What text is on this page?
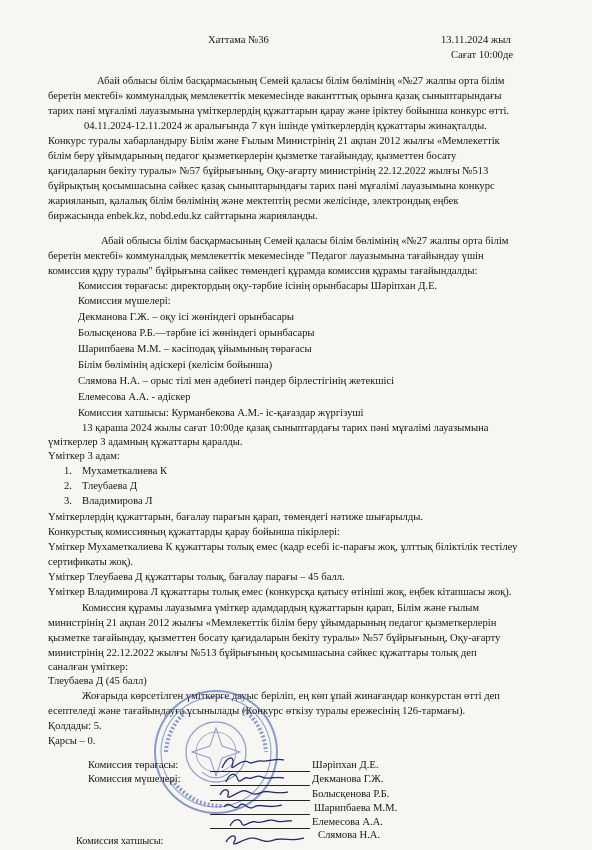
Хаттама №36	13.11.2024 жыл
Сағат 10:00де
Абай облысы білім басқармасының Семей қаласы білім бөлімінің «№27 жалпы орта білім
беретін мектебі» коммуналдық мемлекеттік мекемесінде вакантттық орынға қазақ сыныптарындағы
тарих пәні мұғалімі лауазымына үміткерлердің құжаттарын қарау және іріктеу бойынша конкурс өтті.
04.11.2024-12.11.2024 ж аралығында 7 күн ішінде үміткерлердің құжаттары жинақталды.
Конкурс туралы хабарландыру Білім және Ғылым Министрінің 21 ақпан 2012 жылғы «Мемлекеттік
білім беру ұйымдарының педагог қызметкерлерін қызметке тағайындау, қызметтен босату
қағидаларын бекіту туралы» №57 бұйрығының, Оқу-ағарту министрінің 22.12.2022 жылғы №513
бұйрықтың қосымшасына сәйкес қазақ сыныптарындағы тарих пәні мұғалімі лауазымына конкурс
жарияланып, қалалық білім бөлімінің және мектептің ресми желісінде, электрондық еңбек
биржасында enbek.kz, nobd.edu.kz сайттарына жарияланды.
Абай облысы білім басқармасының Семей қаласы білім бөлімінің «№27 жалпы орта білім
беретін мектебі» коммуналдық мемлекеттік мекемесінде "Педагог лауазымына тағайындау үшін
комиссия құру туралы" бұйрығына сәйкес төмендегі құрамда комиссия құрамы тағайындалды:
Комиссия төрағасы: директордың оқу-тәрбие ісінің орынбасары Шәріпхан Д.Е.
Комиссия мүшелері:
Декманова Г.Ж. – оқу ісі жөніндегі орынбасары
Болысқенова Р.Б.—тәрбие ісі жөніндегі орынбасары
Шарипбаева М.М. – кәсіподақ ұйымының төрағасы
Білім бөлімінің әдіскері (келісім бойынша)
Слямова Н.А. – орыс тілі мен әдебиеті пәндер бірлестігінің жетекшісі
Елемесова А.А. - әдіскер
Комиссия хатшысы: Курманбекова А.М.- іс-қағаздар жүргізуші
13 қараша 2024 жылы сағат 10:00де қазақ сыныптардағы тарих пәні мұғалімі лауазымына
үміткерлер 3 адамның құжаттары қаралды.
Үміткер 3 адам:
1. Мухаметкалиева К
2. Тлеубаева Д
3. Владимирова Л
Үміткерлердің құжаттарын, бағалау парағын қарап, төмендегі нәтиже шығарылды.
Конкурстық комиссияның құжаттарды қарау бойынша пікірлері:
Үміткер Мухаметкалиева К құжаттары толық емес (кадр есебі іс-парағы жоқ, ұлттық біліктілік тестілеу
сертификаты жоқ).
Үміткер Тлеубаева Д құжаттары толық, бағалау парағы – 45 балл.
Үміткер Владимирова Л құжаттары толық емес (конкурсқа қатысу өтініші жоқ, еңбек кітапшасы жоқ).
Комиссия құрамы лауазымға үміткер адамдардың құжаттарын қарап, Білім және ғылым
министрінің 21 ақпан 2012 жылғы «Мемлекеттік білім беру ұйымдарының педагог қызметкерлерін
қызметке тағайындау, қызметтен босату қағидаларын бекіту туралы» №57 бұйрығының, Оқу-ағарту
министрінің 22.12.2022 жылғы №513 бұйрығының қосымшасына сәйкес құжаттары толық деп
саналған үміткер:
Тлеубаева Д (45 балл)
Жоғарыда көрсетілген үміткерге дауыс беріліп, ең көп ұпай жинағандар конкурстан өтті деп
есептеледі және тағайындауға ұсынылады (Конкурс өткізу туралы ережесінің 126-тармағы).
Қолдады: 5.
Қарсы – 0.
Комиссия төрағасы:	Шәріпхан Д.Е.
Комиссия мүшелері:	Декманова Г.Ж.
Болысқенова Р.Б.
Шарипбаева М.М.
Елемесова А.А.
Слямова Н.А.
Комиссия хатшысы:
